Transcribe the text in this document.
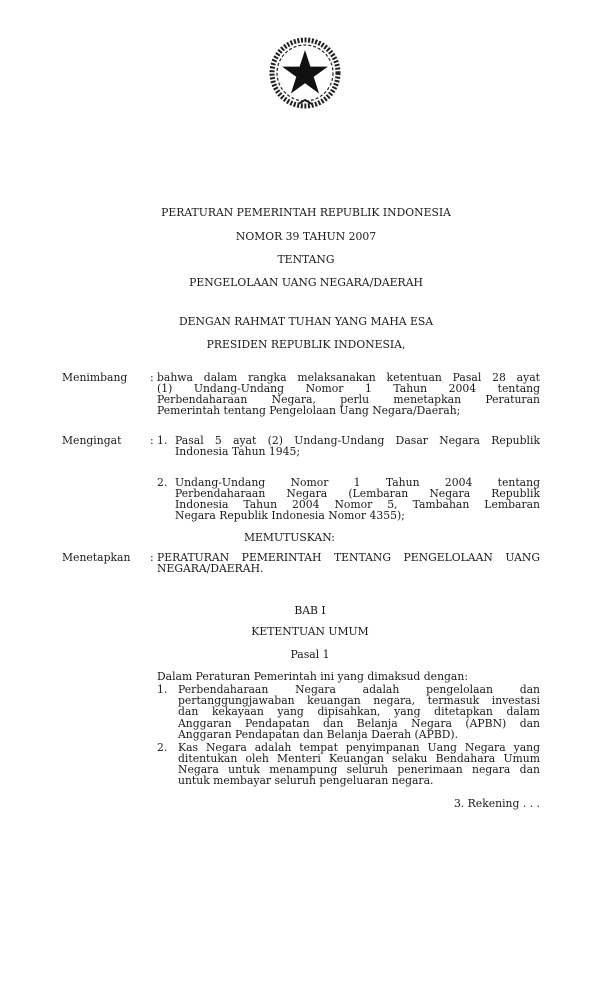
PERATURAN PEMERINTAH REPUBLIK INDONESIA
NOMOR 39 TAHUN 2007
TENTANG
PENGELOLAAN UANG NEGARA/DAERAH
DENGAN RAHMAT TUHAN YANG MAHA ESA
PRESIDEN REPUBLIK INDONESIA,
Menimbang : bahwa dalam rangka melaksanakan ketentuan Pasal 28 ayat
(1) Undang-Undang Nomor 1 Tahun 2004 tentang
Perbendaharaan Negara, perlu menetapkan Peraturan
Pemerintah tentang Pengelolaan Uang Negara/Daerah;
Mengingat	: 1. Pasal 5 ayat (2) Undang-Undang Dasar Negara Republik
Indonesia Tahun 1945;
2. Undang-Undang Nomor 1 Tahun 2004 tentang
Perbendaharaan Negara (Lembaran Negara Republik
Indonesia Tahun 2004 Nomor 5, Tambahan Lembaran
Negara Republik Indonesia Nomor 4355);
MEMUTUSKAN:
Menetapkan : PERATURAN PEMERINTAH TENTANG PENGELOLAAN UANG
NEGARA/DAERAH.
BAB I
KETENTUAN UMUM
Pasal 1
Dalam Peraturan Pemerintah ini yang dimaksud dengan:
1. Perbendaharaan Negara adalah pengelolaan dan
pertanggungjawaban keuangan negara, termasuk investasi
dan kekayaan yang dipisahkan, yang ditetapkan dalam
Anggaran Pendapatan dan Belanja Negara (APBN) dan
Anggaran Pendapatan dan Belanja Daerah (APBD).
2. Kas Negara adalah tempat penyimpanan Uang Negara yang
ditentukan oleh Menteri Keuangan selaku Bendahara Umum
Negara untuk menampung seluruh penerimaan negara dan
untuk membayar seluruh pengeluaran negara.
3. Rekening . . .
